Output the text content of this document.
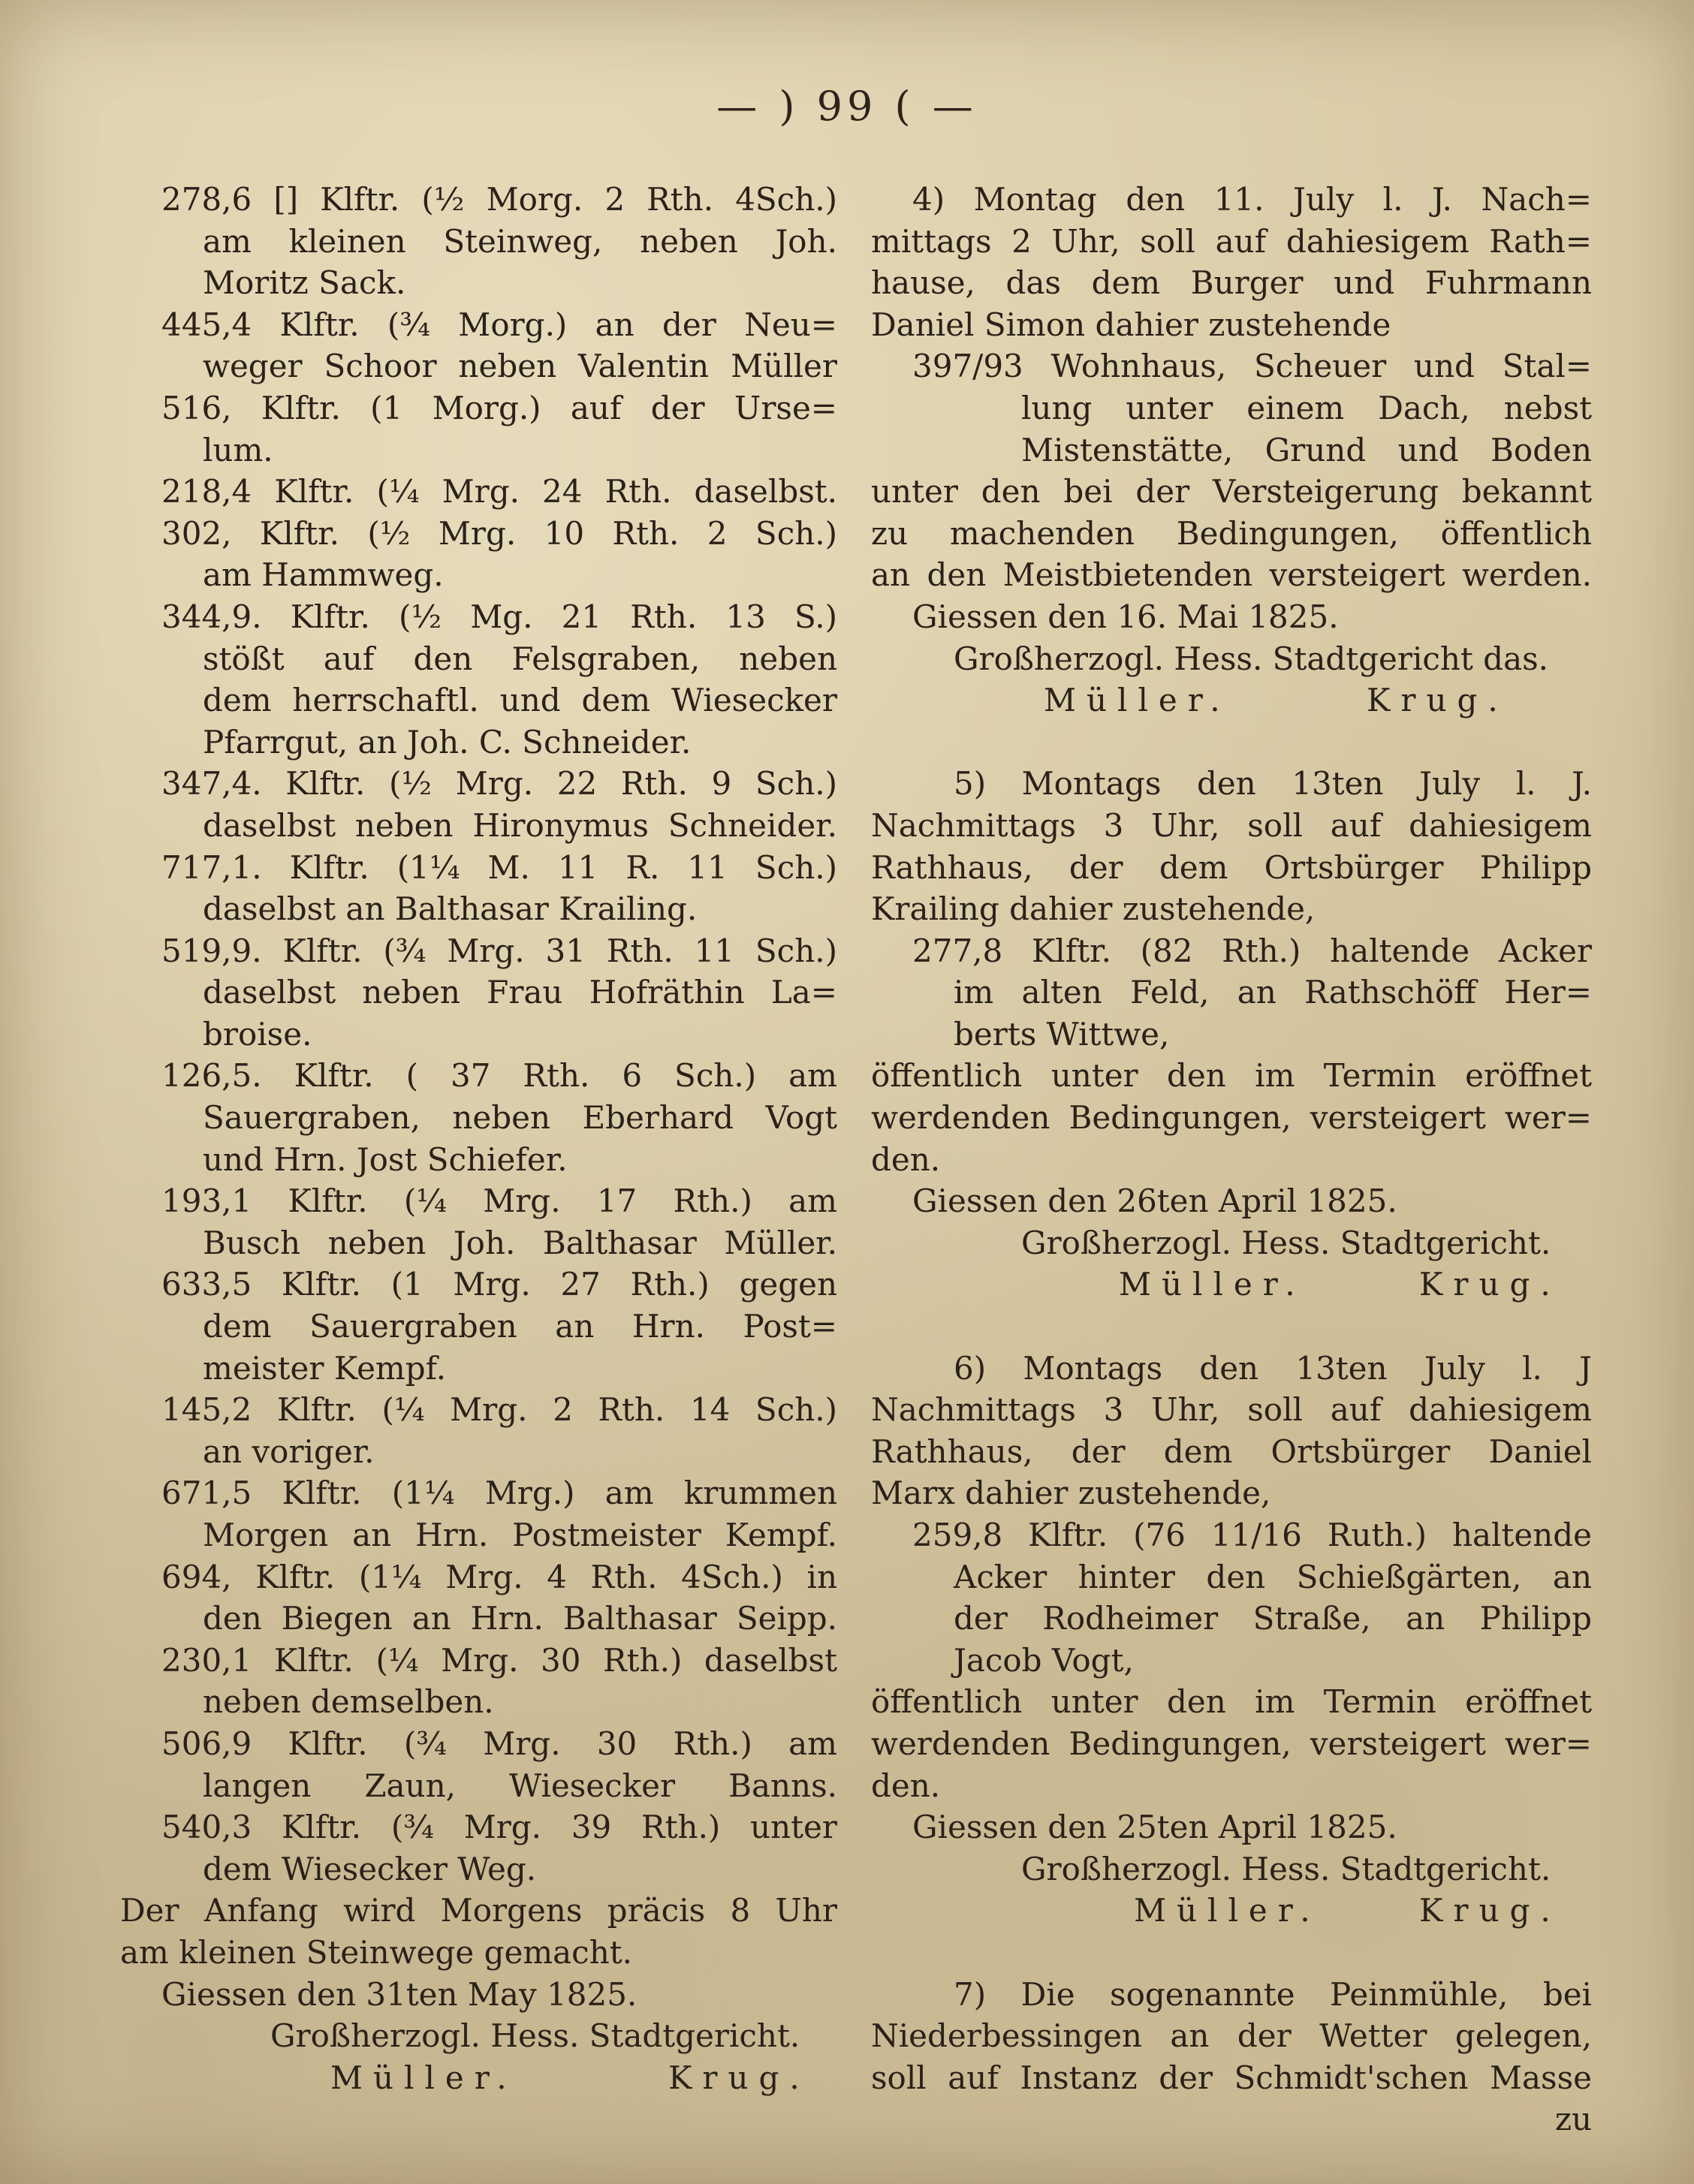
— ) 99 ( —
278,6 [] Klftr. (½ Morg. 2 Rth. 4Sch.)
am kleinen Steinweg, neben Joh.
Moritz Sack.
445,4 Klftr. (¾ Morg.) an der Neu=
weger Schoor neben Valentin Müller
516, Klftr. (1 Morg.) auf der Urse=
lum.
218,4 Klftr. (¼ Mrg. 24 Rth. daselbst.
302, Klftr. (½ Mrg. 10 Rth. 2 Sch.)
am Hammweg.
344,9. Klftr. (½ Mg. 21 Rth. 13 S.)
stößt auf den Felsgraben, neben
dem herrschaftl. und dem Wiesecker
Pfarrgut, an Joh. C. Schneider.
347,4. Klftr. (½ Mrg. 22 Rth. 9 Sch.)
daselbst neben Hironymus Schneider.
717,1. Klftr. (1¼ M. 11 R. 11 Sch.)
daselbst an Balthasar Krailing.
519,9. Klftr. (¾ Mrg. 31 Rth. 11 Sch.)
daselbst neben Frau Hofräthin La=
broise.
126,5. Klftr. ( 37 Rth. 6 Sch.) am
Sauergraben, neben Eberhard Vogt
und Hrn. Jost Schiefer.
193,1 Klftr. (¼ Mrg. 17 Rth.) am
Busch neben Joh. Balthasar Müller.
633,5 Klftr. (1 Mrg. 27 Rth.) gegen
dem Sauergraben an Hrn. Post=
meister Kempf.
145,2 Klftr. (¼ Mrg. 2 Rth. 14 Sch.)
an voriger.
671,5 Klftr. (1¼ Mrg.) am krummen
Morgen an Hrn. Postmeister Kempf.
694, Klftr. (1¼ Mrg. 4 Rth. 4Sch.) in
den Biegen an Hrn. Balthasar Seipp.
230,1 Klftr. (¼ Mrg. 30 Rth.) daselbst
neben demselben.
506,9 Klftr. (¾ Mrg. 30 Rth.) am
langen Zaun, Wiesecker Banns.
540,3 Klftr. (¾ Mrg. 39 Rth.) unter
dem Wiesecker Weg.
Der Anfang wird Morgens präcis 8 Uhr
am kleinen Steinwege gemacht.
Giessen den 31ten May 1825.
Großherzogl. Hess. Stadtgericht.
Müller.	Krug.
4) Montag den 11. July l. J. Nach=
mittags 2 Uhr, soll auf dahiesigem Rath=
hause, das dem Burger und Fuhrmann
Daniel Simon dahier zustehende
397/93 Wohnhaus, Scheuer und Stal=
lung unter einem Dach, nebst
Mistenstätte, Grund und Boden
unter den bei der Versteigerung bekannt
zu machenden Bedingungen, öffentlich
an den Meistbietenden versteigert werden.
Giessen den 16. Mai 1825.
Großherzogl. Hess. Stadtgericht das.
Müller.	Krug.
5) Montags den 13ten July l. J.
Nachmittags 3 Uhr, soll auf dahiesigem
Rathhaus, der dem Ortsbürger Philipp
Krailing dahier zustehende,
277,8 Klftr. (82 Rth.) haltende Acker
im alten Feld, an Rathschöff Her=
berts Wittwe,
öffentlich unter den im Termin eröffnet
werdenden Bedingungen, versteigert wer=
den.
Giessen den 26ten April 1825.
Großherzogl. Hess. Stadtgericht.
Müller.	Krug.
6) Montags den 13ten July l. J
Nachmittags 3 Uhr, soll auf dahiesigem
Rathhaus, der dem Ortsbürger Daniel
Marx dahier zustehende,
259,8 Klftr. (76 11/16 Ruth.) haltende
Acker hinter den Schießgärten, an
der Rodheimer Straße, an Philipp
Jacob Vogt,
öffentlich unter den im Termin eröffnet
werdenden Bedingungen, versteigert wer=
den.
Giessen den 25ten April 1825.
Großherzogl. Hess. Stadtgericht.
Müller.	Krug.
7) Die sogenannte Peinmühle, bei
Niederbessingen an der Wetter gelegen,
soll auf Instanz der Schmidt'schen Masse
zu
